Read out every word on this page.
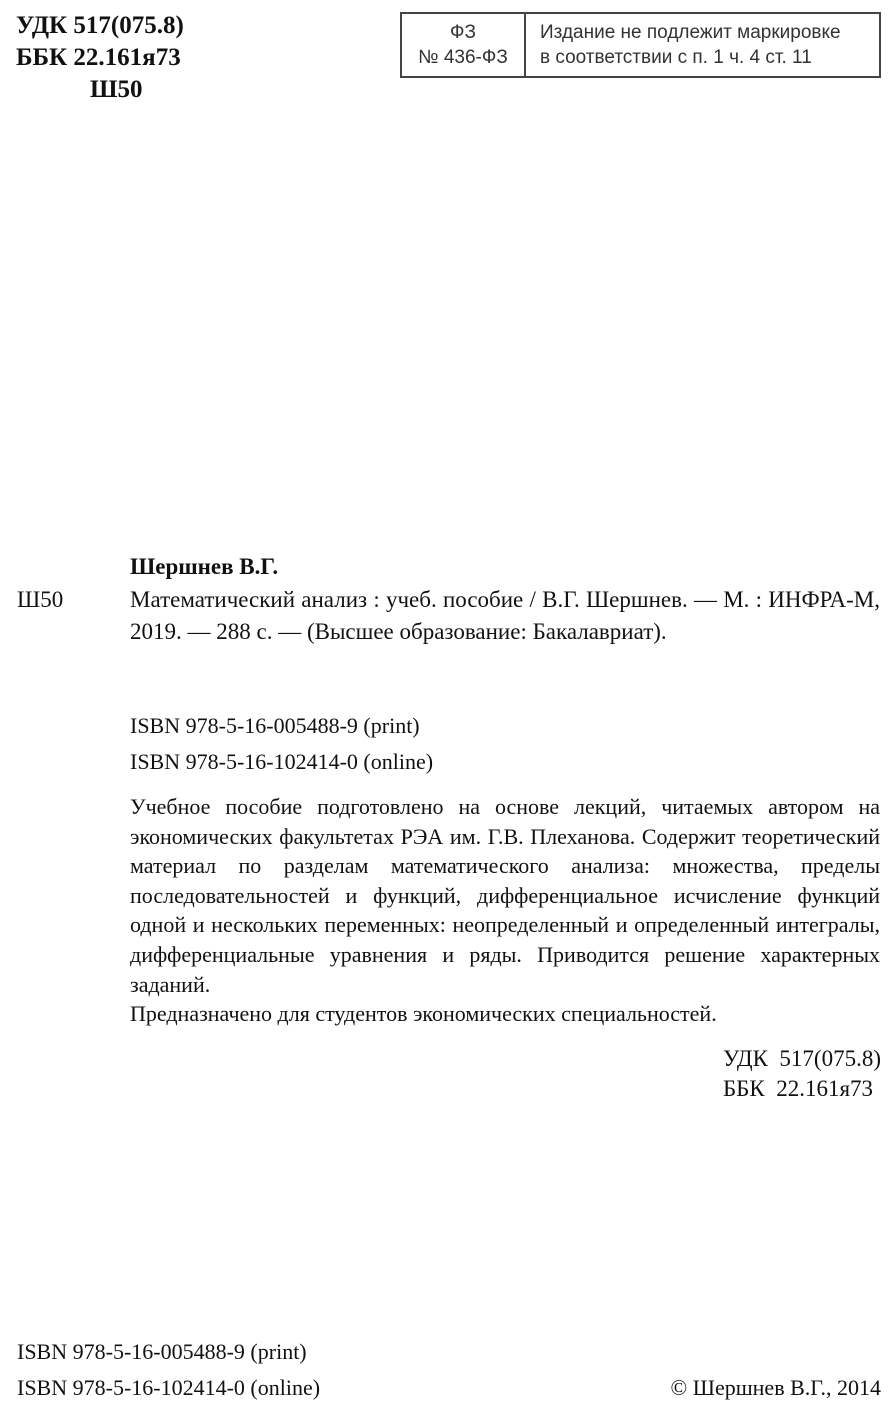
УДК 517(075.8)
ББК 22.161я73
Ш50
ФЗ
№ 436-ФЗ
Издание не подлежит маркировке
в соответствии с п. 1 ч. 4 ст. 11
Шершнев В.Г.
Ш50	Математический анализ : учеб. пособие / В.Г. Шершнев. — М. : ИНФРА-М, 2019. — 288 с. — (Высшее образование: Бакалавриат).
ISBN 978-5-16-005488-9 (print)
ISBN 978-5-16-102414-0 (online)

Учебное пособие подготовлено на основе лекций, читаемых автором на экономических факультетах РЭА им. Г.В. Плеханова. Содержит теоретический материал по разделам математического анализа: множества, пределы последовательностей и функций, дифференциальное исчисление функций одной и нескольких переменных: неопределенный и определенный интегралы, дифференциальные уравнения и ряды. Приводится решение характерных заданий.

Предназначено для студентов экономических специальностей.

УДК  517(075.8)
ББК  22.161я73
ISBN 978-5-16-005488-9 (print)
ISBN 978-5-16-102414-0 (online)	© Шершнев В.Г., 2014
